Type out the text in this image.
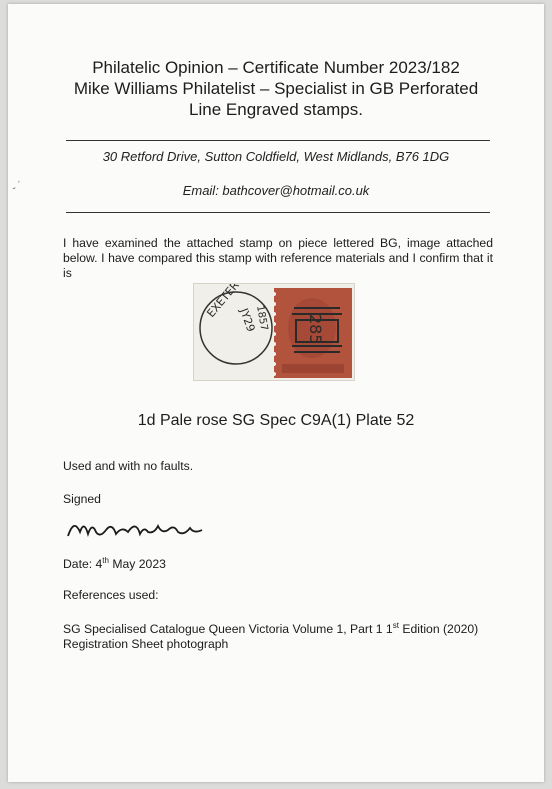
Philatelic Opinion – Certificate Number 2023/182
Mike Williams Philatelist – Specialist in GB Perforated
Line Engraved stamps.
30 Retford Drive, Sutton Coldfield, West Midlands, B76 1DG
Email: bathcover@hotmail.co.uk
- ˊ
I have examined the attached stamp on piece lettered BG, image attached below. I have compared this stamp with reference materials and I confirm that it is
EXETER
JY29
1857 285
1d Pale rose SG Spec C9A(1) Plate 52
Used and with no faults.
Signed
Date: 4th May 2023
References used:
SG Specialised Catalogue Queen Victoria Volume 1, Part 1 1st Edition (2020)
Registration Sheet photograph
